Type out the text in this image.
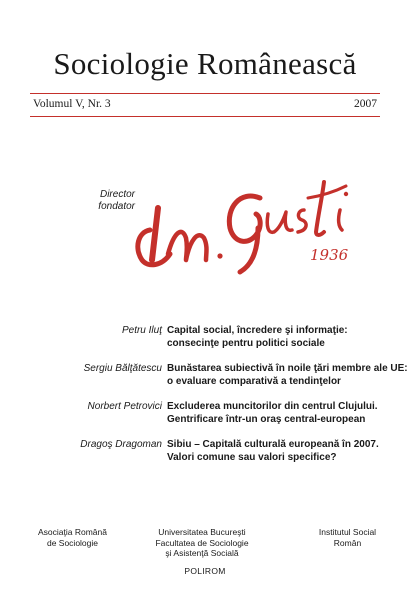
Sociologie Românească
Volumul V, Nr. 3	2007
Director
fondator
1936
Petru Iluţ Capital social, încredere şi informaţie:
consecinţe pentru politici sociale
Sergiu Bălţătescu Bunăstarea subiectivă în noile ţări membre ale UE:
o evaluare comparativă a tendinţelor
Norbert Petrovici Excluderea muncitorilor din centrul Clujului.
Gentrificare într-un oraş central-european
Dragoş Dragoman Sibiu – Capitală culturală europeană în 2007.
Valori comune sau valori specifice?
Asociaţia Română
de Sociologie
Universitatea Bucureşti
Facultatea de Sociologie
şi Asistenţă Socială
Institutul Social
Român
POLIROM
